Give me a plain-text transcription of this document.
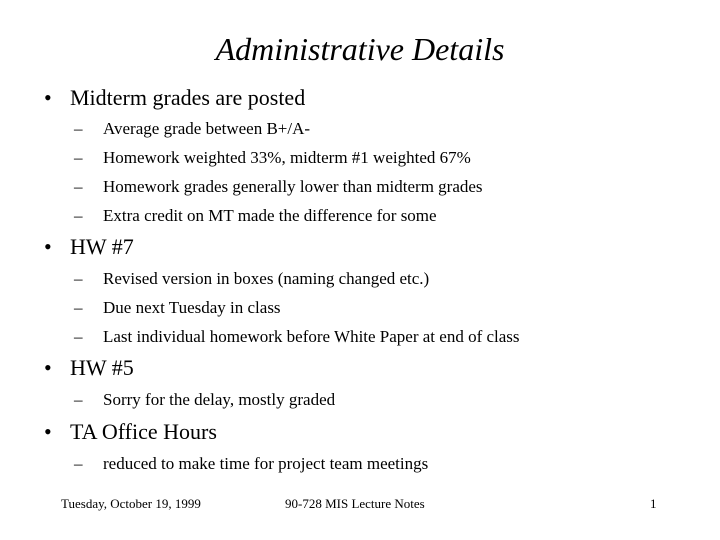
Administrative Details
• Midterm grades are posted
– Average grade between B+/A-
– Homework weighted 33%, midterm #1 weighted 67%
– Homework grades generally lower than midterm grades
– Extra credit on MT made the difference for some
• HW #7
– Revised version in boxes (naming changed etc.)
– Due next Tuesday in class
– Last individual homework before White Paper at end of class
• HW #5
– Sorry for the delay, mostly graded
• TA Office Hours
– reduced to make time for project team meetings
Tuesday, October 19, 1999	90-728 MIS Lecture Notes	1
